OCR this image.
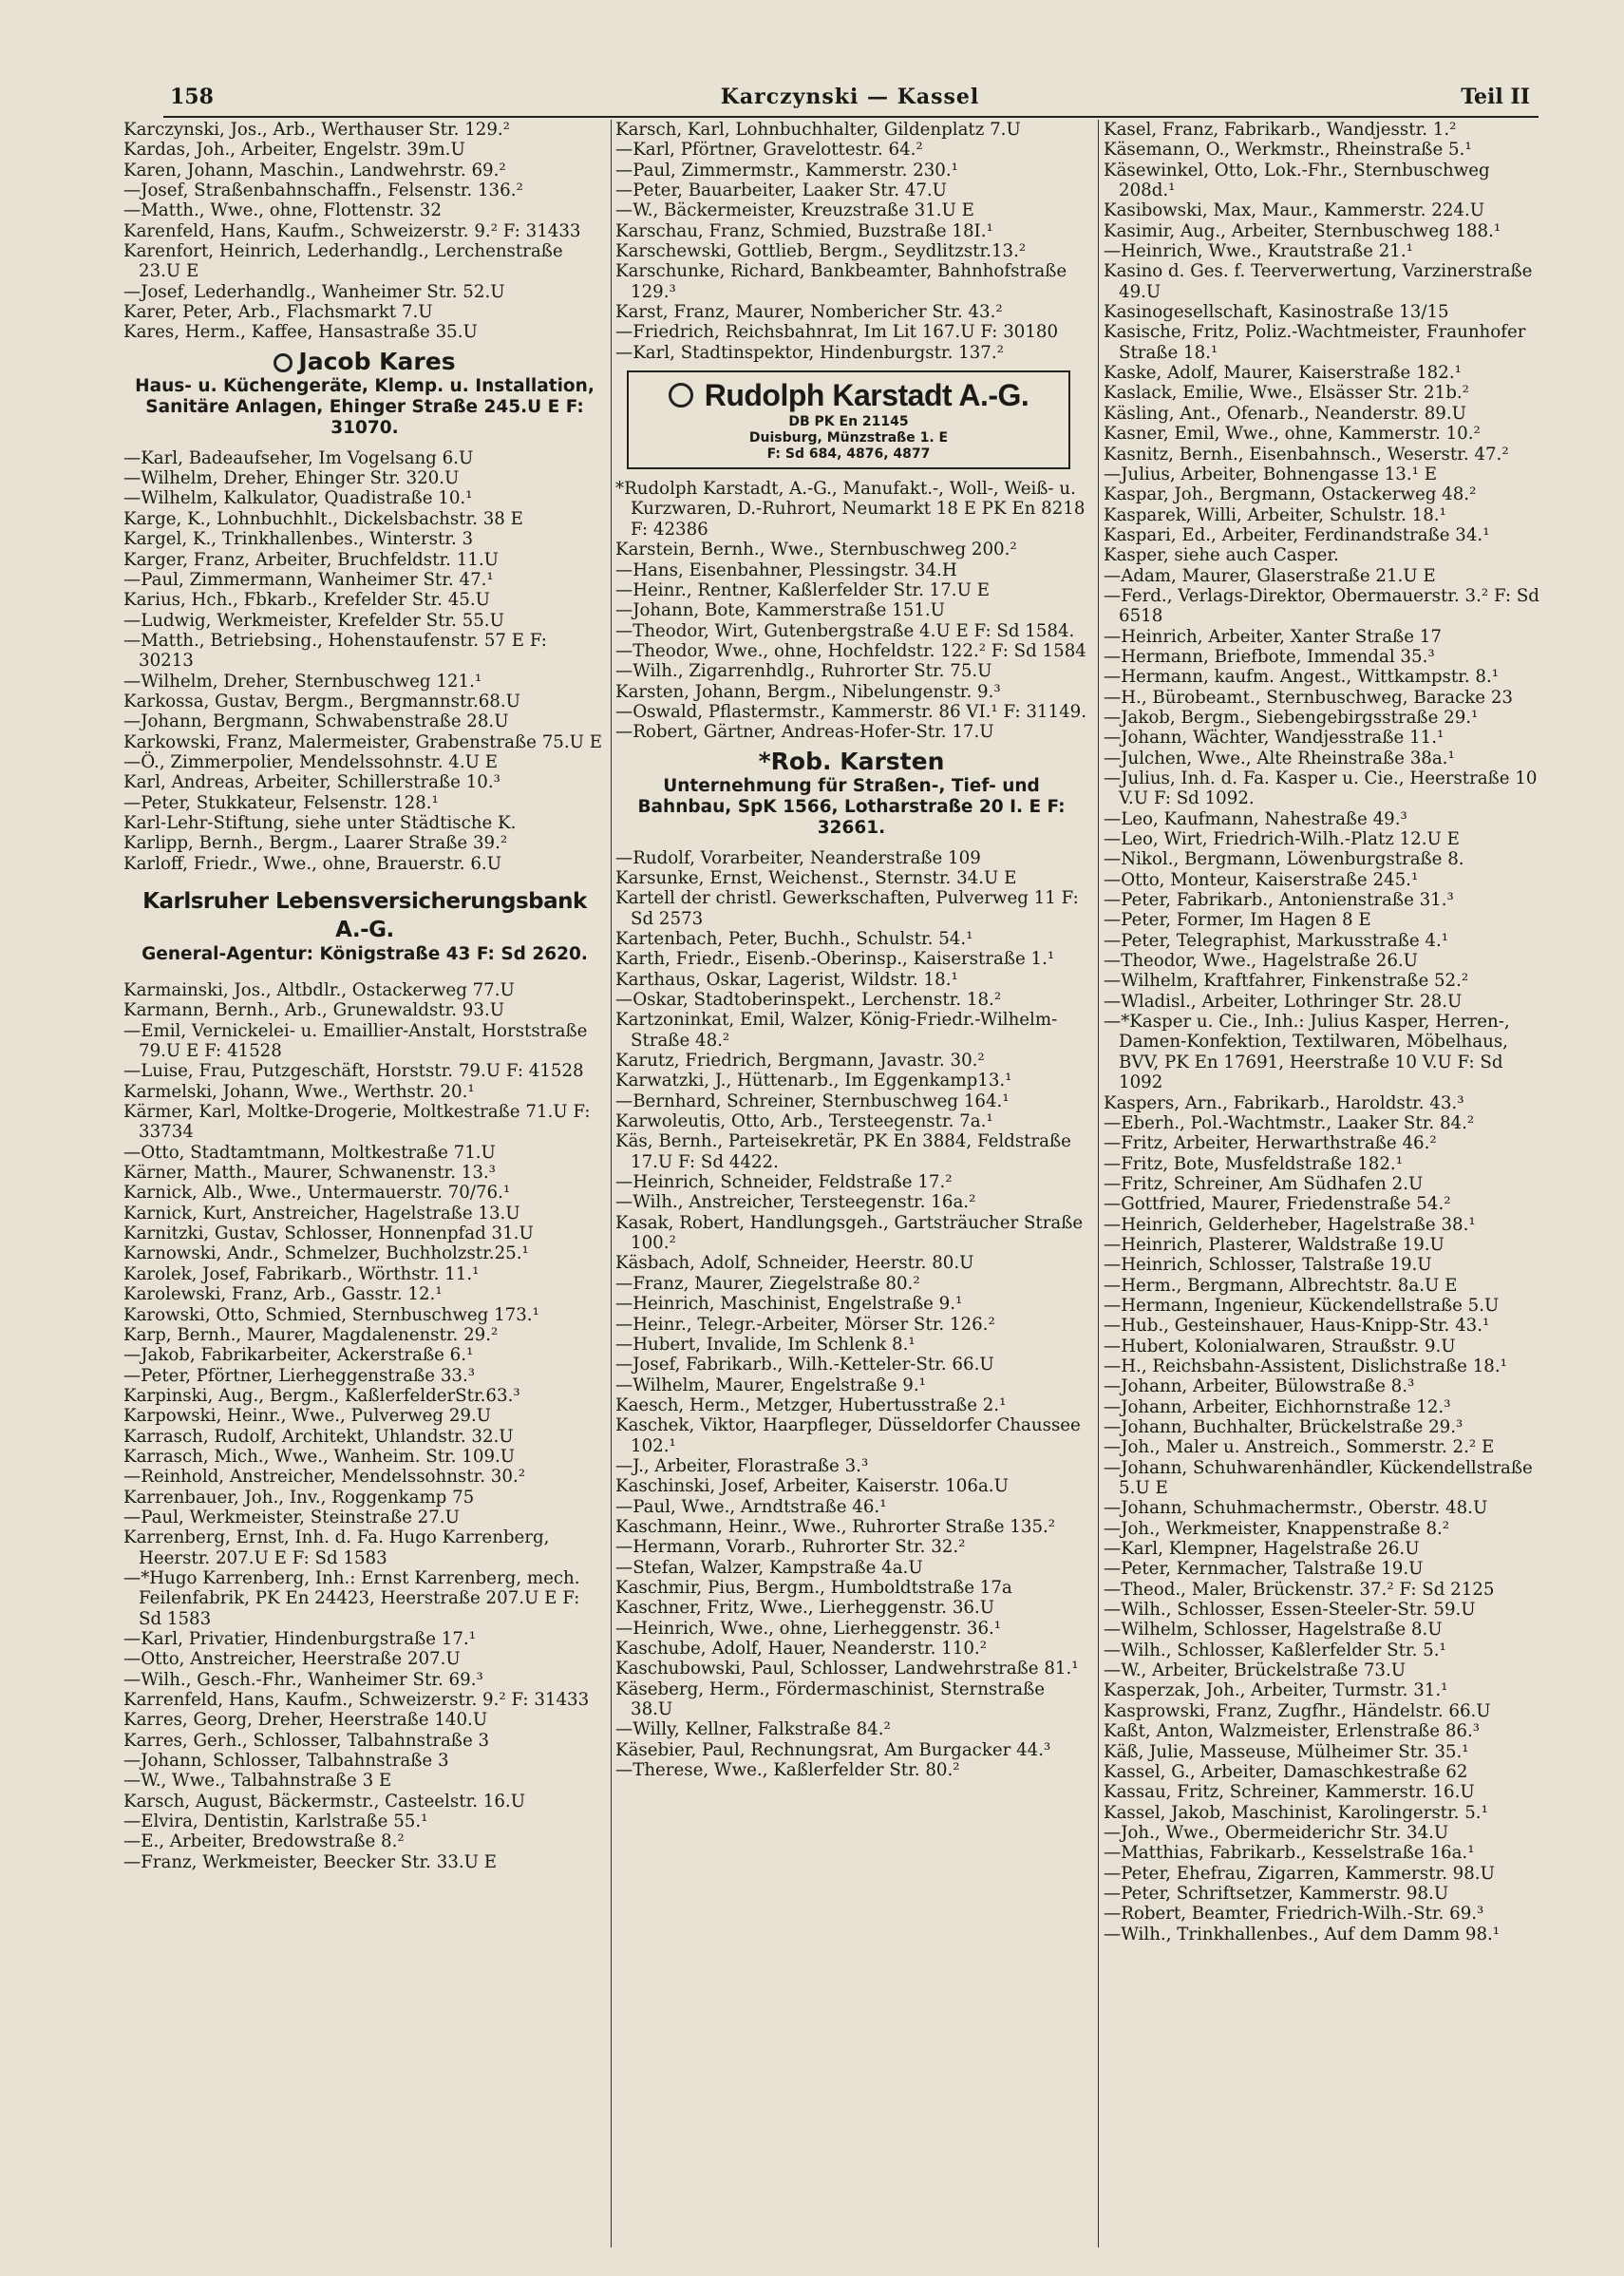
158	Karczynski — Kassel	Teil II
Karczynski, Jos., Arb., Werthauser Str. 129.²
Kardas, Joh., Arbeiter, Engelstr. 39m.U
Karen, Johann, Maschin., Landwehrstr. 69.²
—Josef, Straßenbahnschaffn., Felsenstr. 136.²
—Matth., Wwe., ohne, Flottenstr. 32
Karenfeld, Hans, Kaufm., Schweizerstr. 9.² F: 31433
Karenfort, Heinrich, Lederhandlg., Lerchenstraße 23.U E
—Josef, Lederhandlg., Wanheimer Str. 52.U
Karer, Peter, Arb., Flachsmarkt 7.U
Kares, Herm., Kaffee, Hansastraße 35.U
Jacob Kares
Haus- u. Küchengeräte, Klemp. u. Installation, Sanitäre Anlagen, Ehinger Straße 245.U E F: 31070.
—Karl, Badeaufseher, Im Vogelsang 6.U
—Wilhelm, Dreher, Ehinger Str. 320.U
—Wilhelm, Kalkulator, Quadistraße 10.¹
Karge, K., Lohnbuchhlt., Dickelsbachstr. 38 E
Kargel, K., Trinkhallenbes., Winterstr. 3
Karger, Franz, Arbeiter, Bruchfeldstr. 11.U
—Paul, Zimmermann, Wanheimer Str. 47.¹
Karius, Hch., Fbkarb., Krefelder Str. 45.U
—Ludwig, Werkmeister, Krefelder Str. 55.U
—Matth., Betriebsing., Hohenstaufenstr. 57 E F: 30213
—Wilhelm, Dreher, Sternbuschweg 121.¹
Karkossa, Gustav, Bergm., Bergmannstr.68.U
—Johann, Bergmann, Schwabenstraße 28.U
Karkowski, Franz, Malermeister, Grabenstraße 75.U E
—Ö., Zimmerpolier, Mendelssohnstr. 4.U E
Karl, Andreas, Arbeiter, Schillerstraße 10.³
—Peter, Stukkateur, Felsenstr. 128.¹
Karl-Lehr-Stiftung, siehe unter Städtische K.
Karlipp, Bernh., Bergm., Laarer Straße 39.²
Karloff, Friedr., Wwe., ohne, Brauerstr. 6.U
Karlsruher Lebensversicherungsbank A.-G.
General-Agentur: Königstraße 43 F: Sd 2620.
Karmainski, Jos., Altbdlr., Ostackerweg 77.U
Karmann, Bernh., Arb., Grunewaldstr. 93.U
—Emil, Vernickelei- u. Emaillier-Anstalt, Horststraße 79.U E F: 41528
—Luise, Frau, Putzgeschäft, Horststr. 79.U F: 41528
Karmelski, Johann, Wwe., Werthstr. 20.¹
Kärmer, Karl, Moltke-Drogerie, Moltkestraße 71.U F: 33734
—Otto, Stadtamtmann, Moltkestraße 71.U
Kärner, Matth., Maurer, Schwanenstr. 13.³
Karnick, Alb., Wwe., Untermauerstr. 70/76.¹
Karnick, Kurt, Anstreicher, Hagelstraße 13.U
Karnitzki, Gustav, Schlosser, Honnenpfad 31.U
Karnowski, Andr., Schmelzer, Buchholzstr.25.¹
Karolek, Josef, Fabrikarb., Wörthstr. 11.¹
Karolewski, Franz, Arb., Gasstr. 12.¹
Karowski, Otto, Schmied, Sternbuschweg 173.¹
Karp, Bernh., Maurer, Magdalenenstr. 29.²
—Jakob, Fabrikarbeiter, Ackerstraße 6.¹
—Peter, Pförtner, Lierheggenstraße 33.³
Karpinski, Aug., Bergm., KaßlerfelderStr.63.³
Karpowski, Heinr., Wwe., Pulverweg 29.U
Karrasch, Rudolf, Architekt, Uhlandstr. 32.U
Karrasch, Mich., Wwe., Wanheim. Str. 109.U
—Reinhold, Anstreicher, Mendelssohnstr. 30.²
Karrenbauer, Joh., Inv., Roggenkamp 75
—Paul, Werkmeister, Steinstraße 27.U
Karrenberg, Ernst, Inh. d. Fa. Hugo Karrenberg, Heerstr. 207.U E F: Sd 1583
—*Hugo Karrenberg, Inh.: Ernst Karrenberg, mech. Feilenfabrik, PK En 24423, Heerstraße 207.U E F: Sd 1583
—Karl, Privatier, Hindenburgstraße 17.¹
—Otto, Anstreicher, Heerstraße 207.U
—Wilh., Gesch.-Fhr., Wanheimer Str. 69.³
Karrenfeld, Hans, Kaufm., Schweizerstr. 9.² F: 31433
Karres, Georg, Dreher, Heerstraße 140.U
Karres, Gerh., Schlosser, Talbahnstraße 3
—Johann, Schlosser, Talbahnstraße 3
—W., Wwe., Talbahnstraße 3 E
Karsch, August, Bäckermstr., Casteelstr. 16.U
—Elvira, Dentistin, Karlstraße 55.¹
—E., Arbeiter, Bredowstraße 8.²
—Franz, Werkmeister, Beecker Str. 33.U E
Karsch, Karl, Lohnbuchhalter, Gildenplatz 7.U
—Karl, Pförtner, Gravelottestr. 64.²
—Paul, Zimmermstr., Kammerstr. 230.¹
—Peter, Bauarbeiter, Laaker Str. 47.U
—W., Bäckermeister, Kreuzstraße 31.U E
Karschau, Franz, Schmied, Buzstraße 18I.¹
Karschewski, Gottlieb, Bergm., Seydlitzstr.13.²
Karschunke, Richard, Bankbeamter, Bahnhofstraße 129.³
Karst, Franz, Maurer, Nombericher Str. 43.²
—Friedrich, Reichsbahnrat, Im Lit 167.U F: 30180
—Karl, Stadtinspektor, Hindenburgstr. 137.²
Rudolph Karstadt A.-G.
DB PK En 21145
Duisburg, Münzstraße 1. E
F: Sd 684, 4876, 4877
*Rudolph Karstadt, A.-G., Manufakt.-, Woll-, Weiß- u. Kurzwaren, D.-Ruhrort, Neumarkt 18 E PK En 8218 F: 42386
Karstein, Bernh., Wwe., Sternbuschweg 200.²
—Hans, Eisenbahner, Plessingstr. 34.H
—Heinr., Rentner, Kaßlerfelder Str. 17.U E
—Johann, Bote, Kammerstraße 151.U
—Theodor, Wirt, Gutenbergstraße 4.U E F: Sd 1584.
—Theodor, Wwe., ohne, Hochfeldstr. 122.² F: Sd 1584
—Wilh., Zigarrenhdlg., Ruhrorter Str. 75.U
Karsten, Johann, Bergm., Nibelungenstr. 9.³
—Oswald, Pflastermstr., Kammerstr. 86 VI.¹ F: 31149.
—Robert, Gärtner, Andreas-Hofer-Str. 17.U
*Rob. Karsten
Unternehmung für Straßen-, Tief- und Bahnbau, SpK 1566, Lotharstraße 20 I. E F: 32661.
—Rudolf, Vorarbeiter, Neanderstraße 109
Karsunke, Ernst, Weichenst., Sternstr. 34.U E
Kartell der christl. Gewerkschaften, Pulverweg 11 F: Sd 2573
Kartenbach, Peter, Buchh., Schulstr. 54.¹
Karth, Friedr., Eisenb.-Oberinsp., Kaiserstraße 1.¹
Karthaus, Oskar, Lagerist, Wildstr. 18.¹
—Oskar, Stadtoberinspekt., Lerchenstr. 18.²
Kartzoninkat, Emil, Walzer, König-Friedr.-Wilhelm-Straße 48.²
Karutz, Friedrich, Bergmann, Javastr. 30.²
Karwatzki, J., Hüttenarb., Im Eggenkamp13.¹
—Bernhard, Schreiner, Sternbuschweg 164.¹
Karwoleutis, Otto, Arb., Tersteegenstr. 7a.¹
Käs, Bernh., Parteisekretär, PK En 3884, Feldstraße 17.U F: Sd 4422.
—Heinrich, Schneider, Feldstraße 17.²
—Wilh., Anstreicher, Tersteegenstr. 16a.²
Kasak, Robert, Handlungsgeh., Gartsträucher Straße 100.²
Käsbach, Adolf, Schneider, Heerstr. 80.U
—Franz, Maurer, Ziegelstraße 80.²
—Heinrich, Maschinist, Engelstraße 9.¹
—Heinr., Telegr.-Arbeiter, Mörser Str. 126.²
—Hubert, Invalide, Im Schlenk 8.¹
—Josef, Fabrikarb., Wilh.-Ketteler-Str. 66.U
—Wilhelm, Maurer, Engelstraße 9.¹
Kaesch, Herm., Metzger, Hubertusstraße 2.¹
Kaschek, Viktor, Haarpfleger, Düsseldorfer Chaussee 102.¹
—J., Arbeiter, Florastraße 3.³
Kaschinski, Josef, Arbeiter, Kaiserstr. 106a.U
—Paul, Wwe., Arndtstraße 46.¹
Kaschmann, Heinr., Wwe., Ruhrorter Straße 135.²
—Hermann, Vorarb., Ruhrorter Str. 32.²
—Stefan, Walzer, Kampstraße 4a.U
Kaschmir, Pius, Bergm., Humboldtstraße 17a
Kaschner, Fritz, Wwe., Lierheggenstr. 36.U
—Heinrich, Wwe., ohne, Lierheggenstr. 36.¹
Kaschube, Adolf, Hauer, Neanderstr. 110.²
Kaschubowski, Paul, Schlosser, Landwehrstraße 81.¹
Käseberg, Herm., Fördermaschinist, Sternstraße 38.U
—Willy, Kellner, Falkstraße 84.²
Käsebier, Paul, Rechnungsrat, Am Burgacker 44.³
—Therese, Wwe., Kaßlerfelder Str. 80.²
Kasel, Franz, Fabrikarb., Wandjesstr. 1.²
Käsemann, O., Werkmstr., Rheinstraße 5.¹
Käsewinkel, Otto, Lok.-Fhr., Sternbuschweg 208d.¹
Kasibowski, Max, Maur., Kammerstr. 224.U
Kasimir, Aug., Arbeiter, Sternbuschweg 188.¹
—Heinrich, Wwe., Krautstraße 21.¹
Kasino d. Ges. f. Teerverwertung, Varzinerstraße 49.U
Kasinogesellschaft, Kasinostraße 13/15
Kasische, Fritz, Poliz.-Wachtmeister, Fraunhofer Straße 18.¹
Kaske, Adolf, Maurer, Kaiserstraße 182.¹
Kaslack, Emilie, Wwe., Elsässer Str. 21b.²
Käsling, Ant., Ofenarb., Neanderstr. 89.U
Kasner, Emil, Wwe., ohne, Kammerstr. 10.²
Kasnitz, Bernh., Eisenbahnsch., Weserstr. 47.²
—Julius, Arbeiter, Bohnengasse 13.¹ E
Kaspar, Joh., Bergmann, Ostackerweg 48.²
Kasparek, Willi, Arbeiter, Schulstr. 18.¹
Kaspari, Ed., Arbeiter, Ferdinandstraße 34.¹
Kasper, siehe auch Casper.
—Adam, Maurer, Glaserstraße 21.U E
—Ferd., Verlags-Direktor, Obermauerstr. 3.² F: Sd 6518
—Heinrich, Arbeiter, Xanter Straße 17
—Hermann, Briefbote, Immendal 35.³
—Hermann, kaufm. Angest., Wittkampstr. 8.¹
—H., Bürobeamt., Sternbuschweg, Baracke 23
—Jakob, Bergm., Siebengebirgsstraße 29.¹
—Johann, Wächter, Wandjesstraße 11.¹
—Julchen, Wwe., Alte Rheinstraße 38a.¹
—Julius, Inh. d. Fa. Kasper u. Cie., Heerstraße 10 V.U F: Sd 1092.
—Leo, Kaufmann, Nahestraße 49.³
—Leo, Wirt, Friedrich-Wilh.-Platz 12.U E
—Nikol., Bergmann, Löwenburgstraße 8.
—Otto, Monteur, Kaiserstraße 245.¹
—Peter, Fabrikarb., Antonienstraße 31.³
—Peter, Former, Im Hagen 8 E
—Peter, Telegraphist, Markusstraße 4.¹
—Theodor, Wwe., Hagelstraße 26.U
—Wilhelm, Kraftfahrer, Finkenstraße 52.²
—Wladisl., Arbeiter, Lothringer Str. 28.U
—*Kasper u. Cie., Inh.: Julius Kasper, Herren-, Damen-Konfektion, Textilwaren, Möbelhaus, BVV, PK En 17691, Heerstraße 10 V.U F: Sd 1092
Kaspers, Arn., Fabrikarb., Haroldstr. 43.³
—Eberh., Pol.-Wachtmstr., Laaker Str. 84.²
—Fritz, Arbeiter, Herwarthstraße 46.²
—Fritz, Bote, Musfeldstraße 182.¹
—Fritz, Schreiner, Am Südhafen 2.U
—Gottfried, Maurer, Friedenstraße 54.²
—Heinrich, Gelderheber, Hagelstraße 38.¹
—Heinrich, Plasterer, Waldstraße 19.U
—Heinrich, Schlosser, Talstraße 19.U
—Herm., Bergmann, Albrechtstr. 8a.U E
—Hermann, Ingenieur, Kückendellstraße 5.U
—Hub., Gesteinshauer, Haus-Knipp-Str. 43.¹
—Hubert, Kolonialwaren, Straußstr. 9.U
—H., Reichsbahn-Assistent, Dislichstraße 18.¹
—Johann, Arbeiter, Bülowstraße 8.³
—Johann, Arbeiter, Eichhornstraße 12.³
—Johann, Buchhalter, Brückelstraße 29.³
—Joh., Maler u. Anstreich., Sommerstr. 2.² E
—Johann, Schuhwarenhändler, Kückendellstraße 5.U E
—Johann, Schuhmachermstr., Oberstr. 48.U
—Joh., Werkmeister, Knappenstraße 8.²
—Karl, Klempner, Hagelstraße 26.U
—Peter, Kernmacher, Talstraße 19.U
—Theod., Maler, Brückenstr. 37.² F: Sd 2125
—Wilh., Schlosser, Essen-Steeler-Str. 59.U
—Wilhelm, Schlosser, Hagelstraße 8.U
—Wilh., Schlosser, Kaßlerfelder Str. 5.¹
—W., Arbeiter, Brückelstraße 73.U
Kasperzak, Joh., Arbeiter, Turmstr. 31.¹
Kasprowski, Franz, Zugfhr., Händelstr. 66.U
Kaßt, Anton, Walzmeister, Erlenstraße 86.³
Käß, Julie, Masseuse, Mülheimer Str. 35.¹
Kassel, G., Arbeiter, Damaschkestraße 62
Kassau, Fritz, Schreiner, Kammerstr. 16.U
Kassel, Jakob, Maschinist, Karolingerstr. 5.¹
—Joh., Wwe., Obermeiderichr Str. 34.U
—Matthias, Fabrikarb., Kesselstraße 16a.¹
—Peter, Ehefrau, Zigarren, Kammerstr. 98.U
—Peter, Schriftsetzer, Kammerstr. 98.U
—Robert, Beamter, Friedrich-Wilh.-Str. 69.³
—Wilh., Trinkhallenbes., Auf dem Damm 98.¹
